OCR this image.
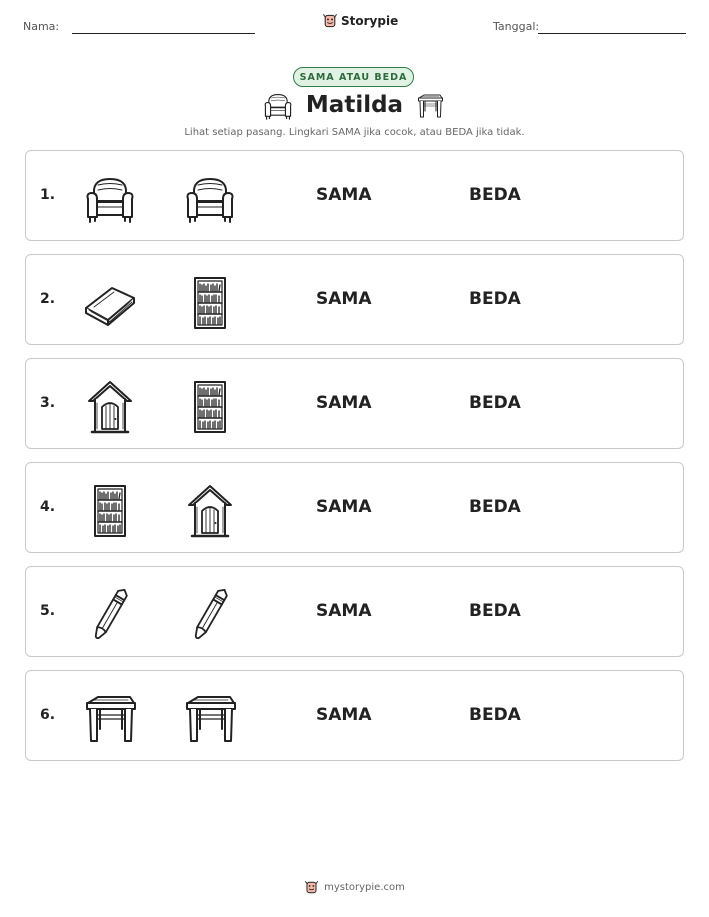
Nama:	Storypie	Tanggal:
SAMA ATAU BEDA
Matilda
Lihat setiap pasang. Lingkari SAMA jika cocok, atau BEDA jika tidak.
1.	SAMA	BEDA
2.	SAMA	BEDA
3.	SAMA	BEDA
4.	SAMA	BEDA
5.	SAMA	BEDA
6.	SAMA	BEDA
mystorypie.com
